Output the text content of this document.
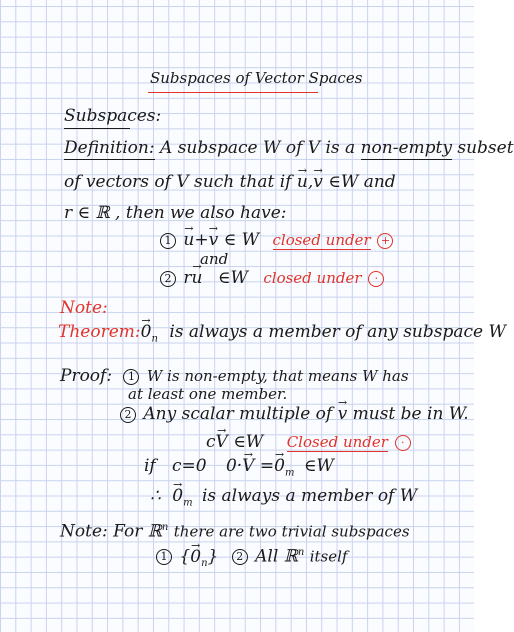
Subspaces of Vector Spaces
Subspaces:
Definition: A subspace W of V is a non-empty subset
of vectors of V such that if → u,→ v ∈W and
r ∈ ℝ , then we also have:
1 → u+→ v ∈ W closed under +
and
2 r→ u ∈W closed under ·
Note:
Theorem:→ $0_n$ is always a member of any subspace W
Proof: 1 W is non-empty, that means W has
at least one member.
2 Any scalar multiple of → v must be in W.
c→ V ∈W Closed under ·
if   c=0 $0\cdot\to V =\to 0_m$ ∈W
∴ → $0_m$ is always a member of W
Note: For ℝ$^n$ there are two trivial subspaces
1 {→ $0_n$} 2 All ℝ$^n$ itself
